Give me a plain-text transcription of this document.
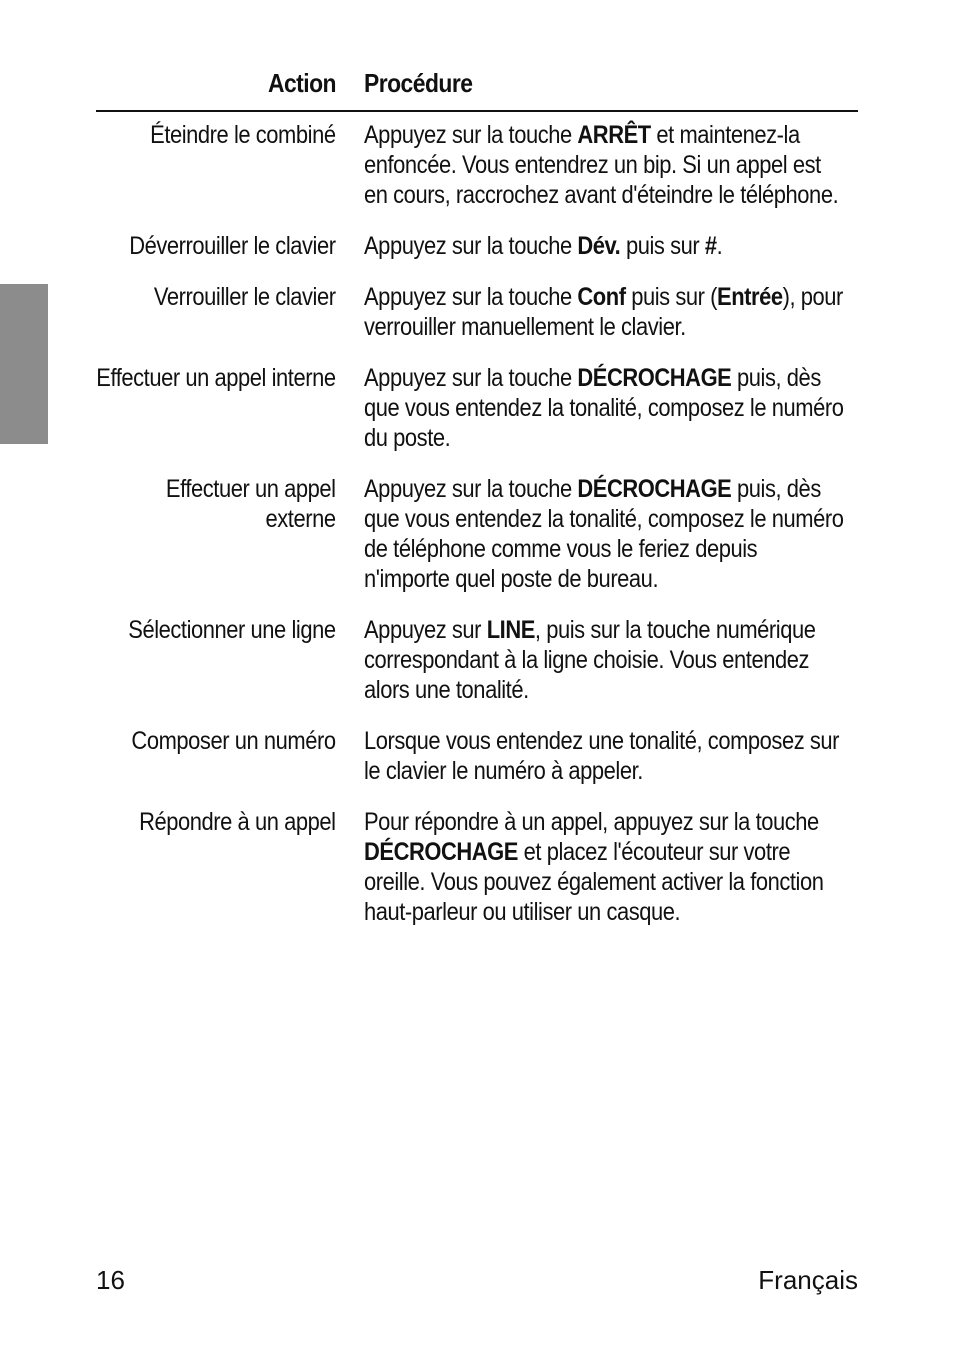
Action Procédure
Éteindre le combiné Appuyez sur la touche ARRÊT et maintenez-la enfoncée. Vous entendrez un bip. Si un appel est en cours, raccrochez avant d'éteindre le téléphone.
Déverrouiller le clavier Appuyez sur la touche Dév. puis sur #.
Verrouiller le clavier Appuyez sur la touche Conf puis sur (Entrée), pour verrouiller manuellement le clavier.
Effectuer un appel interne Appuyez sur la touche DÉCROCHAGE puis, dès que vous entendez la tonalité, composez le numéro du poste.
Effectuer un appel externe
Appuyez sur la touche DÉCROCHAGE puis, dès que vous entendez la tonalité, composez le numéro de téléphone comme vous le feriez depuis n'importe quel poste de bureau.
Sélectionner une ligne Appuyez sur LINE, puis sur la touche numérique correspondant à la ligne choisie. Vous entendez alors une tonalité.
Composer un numéro Lorsque vous entendez une tonalité, composez sur le clavier le numéro à appeler.
Répondre à un appel Pour répondre à un appel, appuyez sur la touche DÉCROCHAGE et placez l'écouteur sur votre oreille. Vous pouvez également activer la fonction haut-parleur ou utiliser un casque.
16	Français
